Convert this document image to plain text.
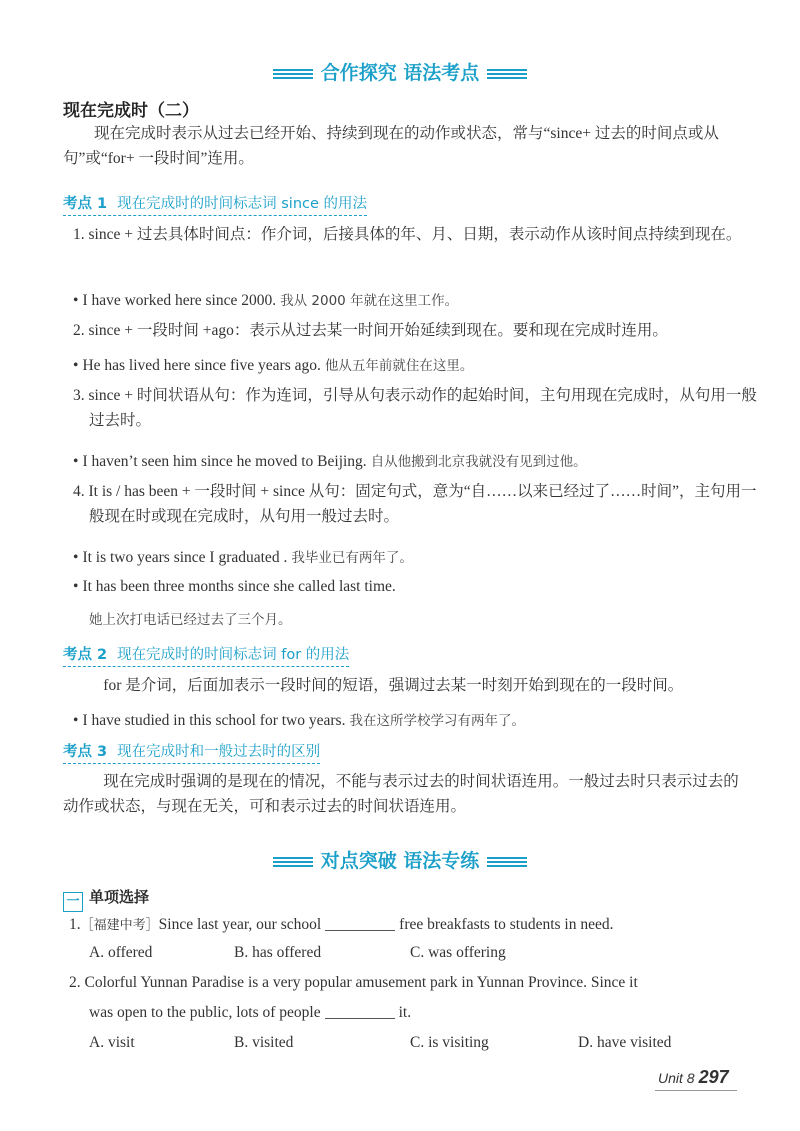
合作探究 语法考点
现在完成时（二）
现在完成时表示从过去已经开始、持续到现在的动作或状态，常与“since+ 过去的时间点或从句”或“for+ 一段时间”连用。
考点 1 现在完成时的时间标志词 since 的用法
1. since + 过去具体时间点：作介词，后接具体的年、月、日期，表示动作从该时间点持续到现在。
• I have worked here since 2000. 我从 2000 年就在这里工作。
2. since + 一段时间 +ago：表示从过去某一时间开始延续到现在。要和现在完成时连用。
• He has lived here since five years ago. 他从五年前就住在这里。
3. since + 时间状语从句：作为连词，引导从句表示动作的起始时间，主句用现在完成时，从句用一般过去时。
• I haven’t seen him since he moved to Beijing. 自从他搬到北京我就没有见到过他。
4. It is / has been + 一段时间 + since 从句：固定句式，意为“自……以来已经过了……时间”，主句用一般现在时或现在完成时，从句用一般过去时。
• It is two years since I graduated . 我毕业已有两年了。
• It has been three months since she called last time.
她上次打电话已经过去了三个月。
考点 2 现在完成时的时间标志词 for 的用法
for 是介词，后面加表示一段时间的短语，强调过去某一时刻开始到现在的一段时间。
• I have studied in this school for two years. 我在这所学校学习有两年了。
考点 3 现在完成时和一般过去时的区别
现在完成时强调的是现在的情况，不能与表示过去的时间状语连用。一般过去时只表示过去的动作或状态，与现在无关，可和表示过去的时间状语连用。
对点突破 语法专练
一 单项选择
1.［福建中考］Since last year, our school	free breakfasts to students in need.
A. offered	B. has offered	C. was offering
2. Colorful Yunnan Paradise is a very popular amusement park in Yunnan Province. Since it
was open to the public, lots of people	it.
A. visit	B. visited	C. is visiting	D. have visited
Unit 8 297
